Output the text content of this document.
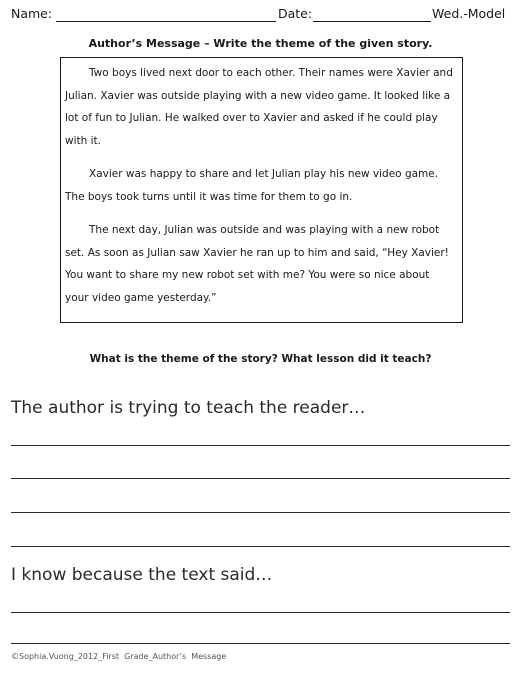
Name:	Date:	Wed.-Model
Author’s Message – Write the theme of the given story.

Two boys lived next door to each other. Their names were Xavier and Julian. Xavier was outside playing with a new video game. It looked like a lot of fun to Julian. He walked over to Xavier and asked if he could play with it.

Xavier was happy to share and let Julian play his new video game. The boys took turns until it was time for them to go in.

The next day, Julian was outside and was playing with a new robot set. As soon as Julian saw Xavier he ran up to him and said, “Hey Xavier! You want to share my new robot set with me? You were so nice about your video game yesterday.”

What is the theme of the story? What lesson did it teach?
The author is trying to teach the reader…
I know because the text said…
©Sophia.Vuong_2012_First  Grade_Author’s  Message
